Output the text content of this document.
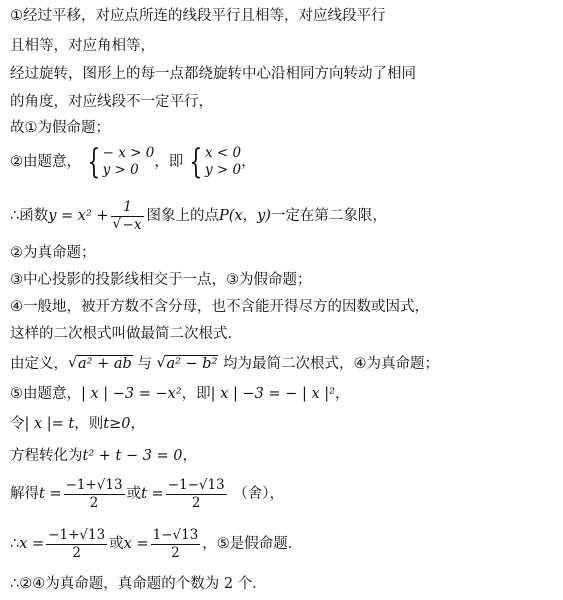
①经过平移，对应点所连的线段平行且相等，对应线段平行
且相等，对应角相等，
经过旋转，图形上的每一点都绕旋转中心沿相同方向转动了相同
的角度，对应线段不一定平行，
故①为假命题；
②由题意， { − x > 0
y > 0	，即 { x < 0
y > 0 ，
∴函数y = x² + 1
√ −x 图象上的点P(x，y)一定在第二象限，
②为真命题；
③中心投影的投影线相交于一点，③为假命题；
④一般地，被开方数不含分母，也不含能开得尽方的因数或因式，
这样的二次根式叫做最简二次根式．
由定义， √ a² + ab 与 √ a² − b² 均为最简二次根式，④为真命题；
⑤由题意，| x | −3 = −x²，即| x | −3 = − | x |²，
令| x |= t，则t≥0，
方程转化为t² + t − 3 = 0，
解得$t = \frac{-1+√13}{2}$ 或$t = \frac{-1-√13}{2}$ （舍），
∴x = $\frac{-1+√13}{2}$ 或$x = \frac{1-√13}{2}$ ，⑤是假命题．
∴②④为真命题，真命题的个数为 2 个．
